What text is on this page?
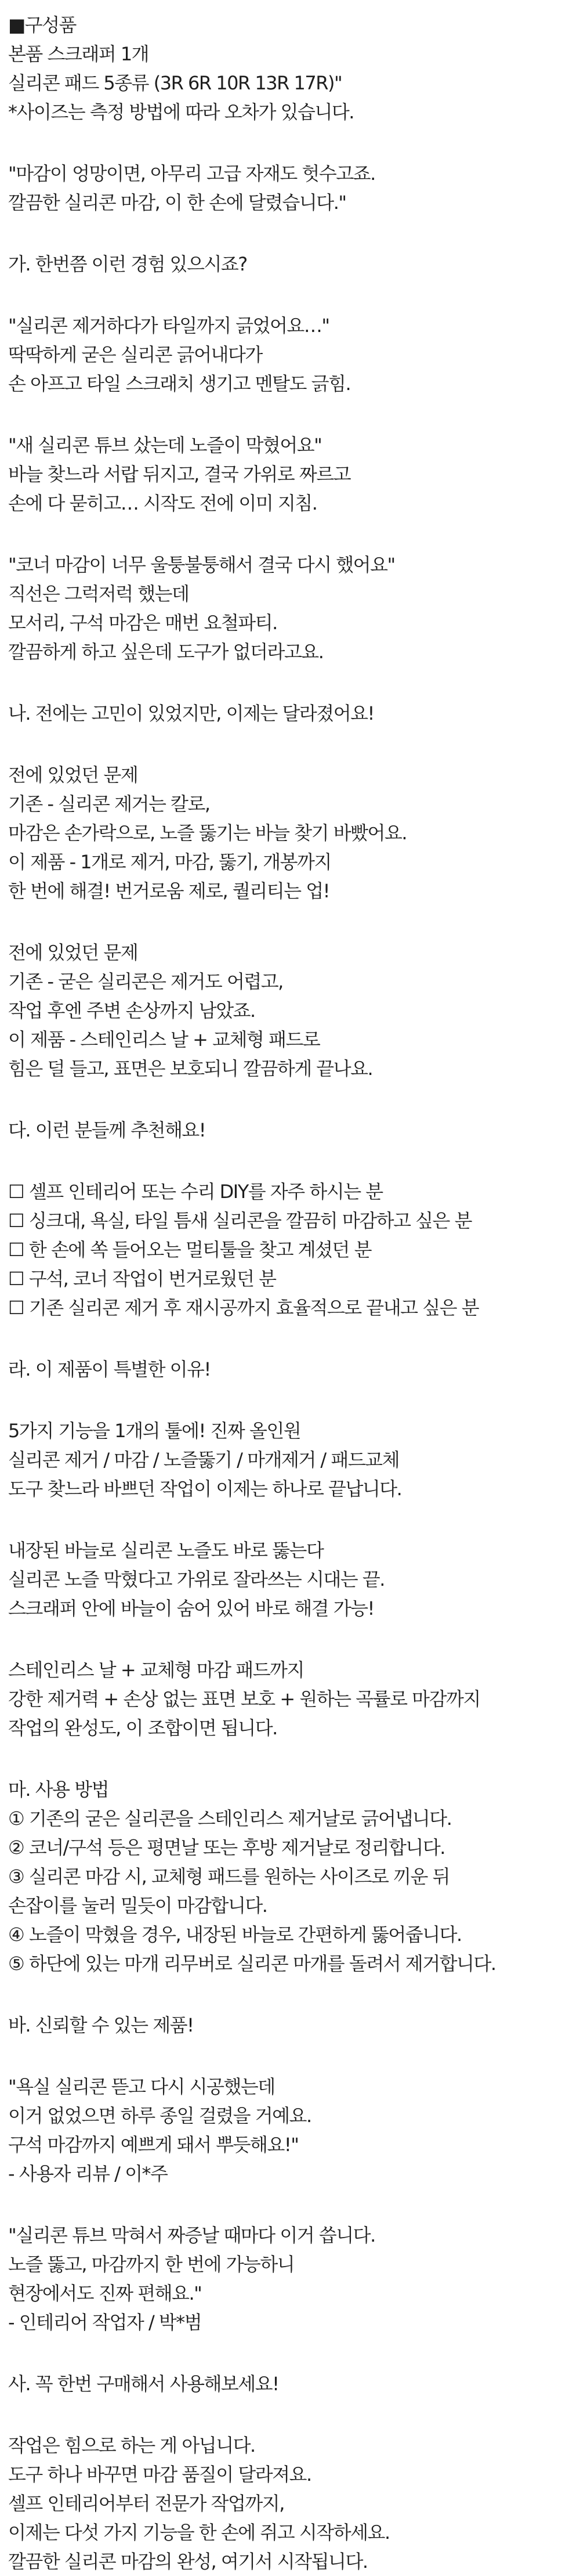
■구성품
본품 스크래퍼 1개
실리콘 패드 5종류 (3R 6R 10R 13R 17R)"
*사이즈는 측정 방법에 따라 오차가 있습니다.
"마감이 엉망이면, 아무리 고급 자재도 헛수고죠.
깔끔한 실리콘 마감, 이 한 손에 달렸습니다."
가. 한번쯤 이런 경험 있으시죠?
"실리콘 제거하다가 타일까지 긁었어요…"
딱딱하게 굳은 실리콘 긁어내다가
손 아프고 타일 스크래치 생기고 멘탈도 긁힘.
"새 실리콘 튜브 샀는데 노즐이 막혔어요"
바늘 찾느라 서랍 뒤지고, 결국 가위로 짜르고
손에 다 묻히고… 시작도 전에 이미 지침.
"코너 마감이 너무 울퉁불퉁해서 결국 다시 했어요"
직선은 그럭저럭 했는데
모서리, 구석 마감은 매번 요철파티.
깔끔하게 하고 싶은데 도구가 없더라고요.
나. 전에는 고민이 있었지만, 이제는 달라졌어요!
전에 있었던 문제
기존 - 실리콘 제거는 칼로,
마감은 손가락으로, 노즐 뚫기는 바늘 찾기 바빴어요.
이 제품 - 1개로 제거, 마감, 뚫기, 개봉까지
한 번에 해결! 번거로움 제로, 퀄리티는 업!
전에 있었던 문제
기존 - 굳은 실리콘은 제거도 어렵고,
작업 후엔 주변 손상까지 남았죠.
이 제품 - 스테인리스 날 + 교체형 패드로
힘은 덜 들고, 표면은 보호되니 깔끔하게 끝나요.
다. 이런 분들께 추천해요!
☐ 셀프 인테리어 또는 수리 DIY를 자주 하시는 분
☐ 싱크대, 욕실, 타일 틈새 실리콘을 깔끔히 마감하고 싶은 분
☐ 한 손에 쏙 들어오는 멀티툴을 찾고 계셨던 분
☐ 구석, 코너 작업이 번거로웠던 분
☐ 기존 실리콘 제거 후 재시공까지 효율적으로 끝내고 싶은 분
라. 이 제품이 특별한 이유!
5가지 기능을 1개의 툴에! 진짜 올인원
실리콘 제거 / 마감 / 노즐뚫기 / 마개제거 / 패드교체
도구 찾느라 바쁘던 작업이 이제는 하나로 끝납니다.
내장된 바늘로 실리콘 노즐도 바로 뚫는다
실리콘 노즐 막혔다고 가위로 잘라쓰는 시대는 끝.
스크래퍼 안에 바늘이 숨어 있어 바로 해결 가능!
스테인리스 날 + 교체형 마감 패드까지
강한 제거력 + 손상 없는 표면 보호 + 원하는 곡률로 마감까지
작업의 완성도, 이 조합이면 됩니다.
마. 사용 방법
① 기존의 굳은 실리콘을 스테인리스 제거날로 긁어냅니다.
② 코너/구석 등은 평면날 또는 후방 제거날로 정리합니다.
③ 실리콘 마감 시, 교체형 패드를 원하는 사이즈로 끼운 뒤
손잡이를 눌러 밀듯이 마감합니다.
④ 노즐이 막혔을 경우, 내장된 바늘로 간편하게 뚫어줍니다.
⑤ 하단에 있는 마개 리무버로 실리콘 마개를 돌려서 제거합니다.
바. 신뢰할 수 있는 제품!
"욕실 실리콘 뜯고 다시 시공했는데
이거 없었으면 하루 종일 걸렸을 거예요.
구석 마감까지 예쁘게 돼서 뿌듯해요!"
- 사용자 리뷰 / 이*주
"실리콘 튜브 막혀서 짜증날 때마다 이거 씁니다.
노즐 뚫고, 마감까지 한 번에 가능하니
현장에서도 진짜 편해요."
- 인테리어 작업자 / 박*범
사. 꼭 한번 구매해서 사용해보세요!
작업은 힘으로 하는 게 아닙니다.
도구 하나 바꾸면 마감 품질이 달라져요.
셀프 인테리어부터 전문가 작업까지,
이제는 다섯 가지 기능을 한 손에 쥐고 시작하세요.
깔끔한 실리콘 마감의 완성, 여기서 시작됩니다.
